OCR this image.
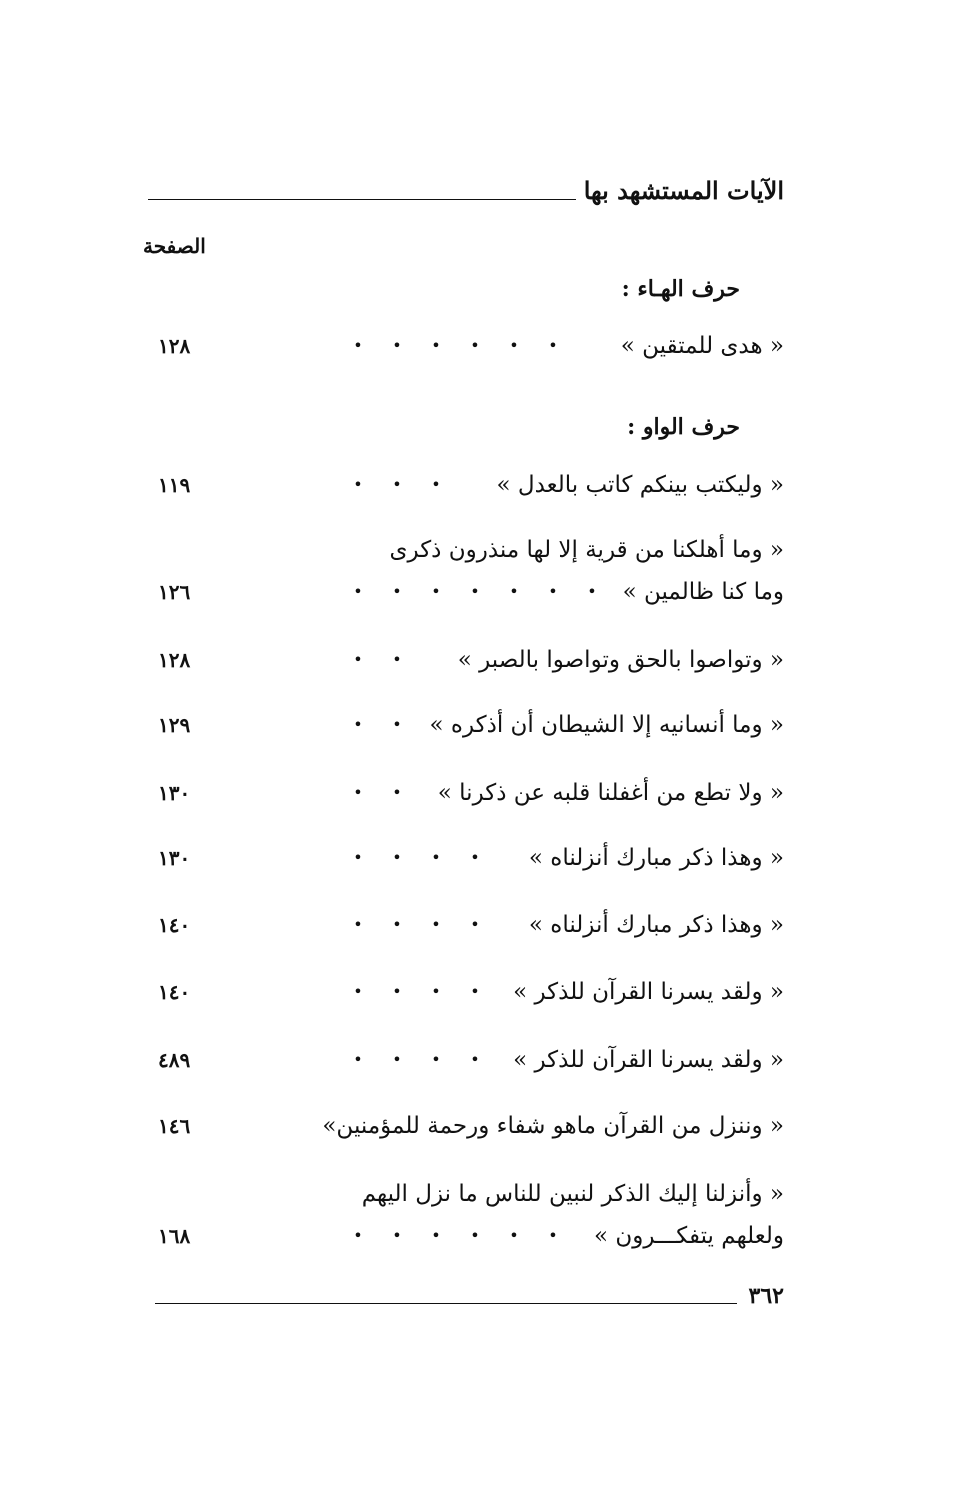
الآيات المستشهد بها
الصفحة
حرف الهـاء :
« هدى للمتقين »
• • • • • •
١٢٨
حرف الواو :
« وليكتب بينكم كاتب بالعدل »
• • •
١١٩
« وما أهلكنا من قرية إلا لها منذرون ذكرى
وما كنا ظالمين »
• • • • • • •
١٢٦
« وتواصوا بالحق وتواصوا بالصبر »
• •
١٢٨
« وما أنسانيه إلا الشيطان أن أذكره »
• •
١٢٩
« ولا تطع من أغفلنا قلبه عن ذكرنا »
• •
١٣٠
« وهذا ذكر مبارك أنزلناه »
• • • •
١٣٠
« وهذا ذكر مبارك أنزلناه »
• • • •
١٤٠
« ولقد يسرنا القرآن للذكر »
• • • •
١٤٠
« ولقد يسرنا القرآن للذكر »
• • • •
٤٨٩
« وننزل من القرآن ماهو شفاء ورحمة للمؤمنين»
١٤٦
« وأنزلنا إليك الذكر لنبين للناس ما نزل اليهم
ولعلهم يتفكـــرون »
• • • • • •
١٦٨
٣٦٢
